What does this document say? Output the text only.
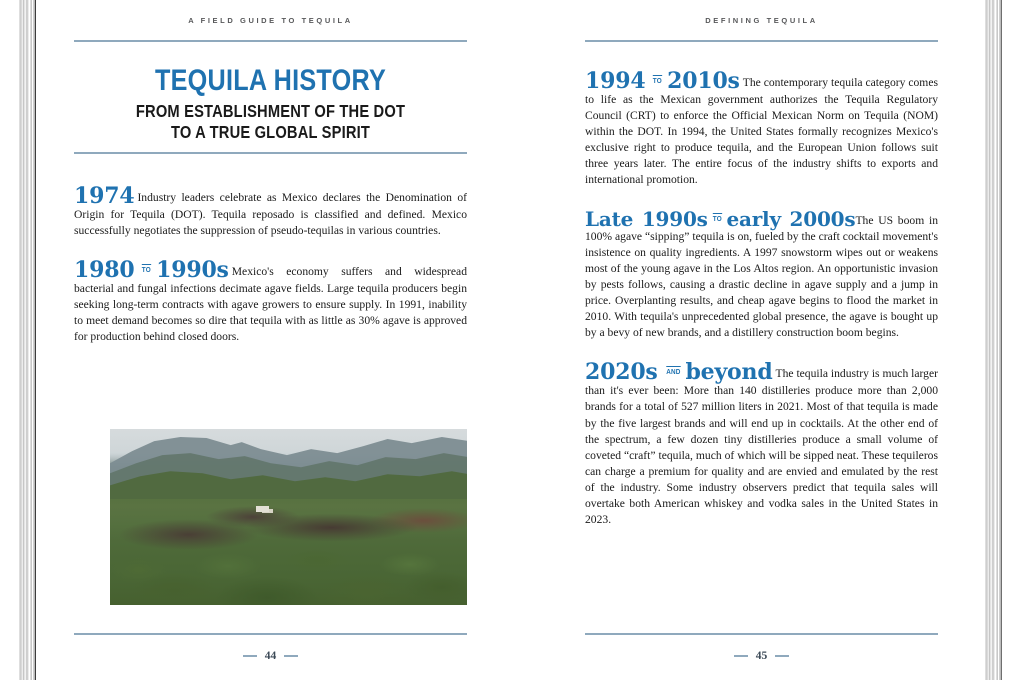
A FIELD GUIDE TO TEQUILA
TEQUILA HISTORY
FROM ESTABLISHMENT OF THE DOT
TO A TRUE GLOBAL SPIRIT

1974 Industry leaders celebrate as Mexico declares the Denomination of Origin for Tequila (DOT). Tequila reposado is classified and defined. Mexico successfully negotiates the suppression of pseudo-tequilas in various countries.

1980 TO 1990s Mexico's economy suffers and widespread bacterial and fungal infections decimate agave fields. Large tequila producers begin seeking long-term contracts with agave growers to ensure supply. In 1991, inability to meet demand becomes so dire that tequila with as little as 30% agave is approved for production behind closed doors.

44
DEFINING TEQUILA

1994 TO 2010s The contemporary tequila category comes to life as the Mexican government authorizes the Tequila Regulatory Council (CRT) to enforce the Official Mexican Norm on Tequila (NOM) within the DOT. In 1994, the United States formally recognizes Mexico's exclusive right to produce tequila, and the European Union follows suit three years later. The entire focus of the industry shifts to exports and international promotion.

Late 1990s TO early 2000sThe US boom in 100% agave “sipping” tequila is on, fueled by the craft cocktail movement's insistence on quality ingredients. A 1997 snowstorm wipes out or weakens most of the young agave in the Los Altos region. An opportunistic invasion by pests follows, causing a drastic decline in agave supply and a jump in price. Overplanting results, and cheap agave begins to flood the market in 2010. With tequila's unprecedented global presence, the agave is bought up by a bevy of new brands, and a distillery construction boom begins.

2020s AND beyond The tequila industry is much larger than it's ever been: More than 140 distilleries produce more than 2,000 brands for a total of 527 million liters in 2021. Most of that tequila is made by the five largest brands and will end up in cocktails. At the other end of the spectrum, a few dozen tiny distilleries produce a small volume of coveted “craft” tequila, much of which will be sipped neat. These tequileros can charge a premium for quality and are envied and emulated by the rest of the industry. Some industry observers predict that tequila sales will overtake both American whiskey and vodka sales in the United States in 2023.

45
